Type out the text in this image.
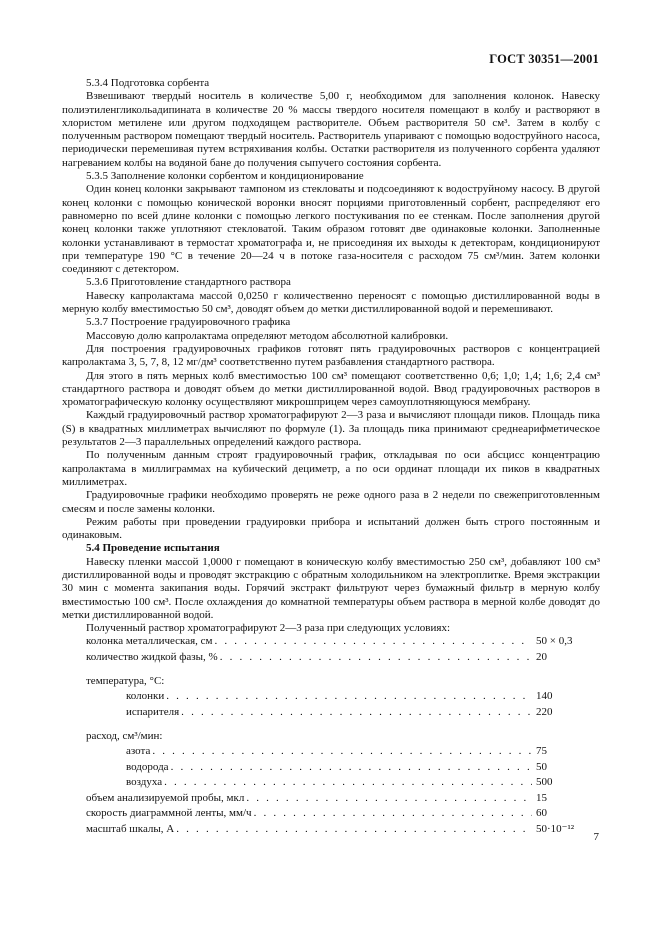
ГОСТ 30351—2001

5.3.4 Подготовка сорбента

Взвешивают твердый носитель в количестве 5,00 г, необходимом для заполнения колонок. Навеску полиэтиленгликольадипината в количестве 20 % массы твердого носителя помещают в колбу и растворяют в хлористом метилене или другом подходящем растворителе. Объем растворителя 50 см³. Затем в колбу с полученным раствором помещают твердый носитель. Растворитель упаривают с помощью водоструйного насоса, периодически перемешивая путем встряхивания колбы. Остатки растворителя из полученного сорбента удаляют нагреванием колбы на водяной бане до получения сыпучего состояния сорбента.

5.3.5 Заполнение колонки сорбентом и кондиционирование

Один конец колонки закрывают тампоном из стекловаты и подсоединяют к водоструйному насосу. В другой конец колонки с помощью конической воронки вносят порциями приготовленный сорбент, распределяют его равномерно по всей длине колонки с помощью легкого постукивания по ее стенкам. После заполнения другой конец колонки также уплотняют стекловатой. Таким образом готовят две одинаковые колонки. Заполненные колонки устанавливают в термостат хроматографа и, не присоединяя их выходы к детекторам, кондиционируют при температуре 190 °С в течение 20—24 ч в потоке газа-носителя с расходом 75 см³/мин. Затем колонки соединяют с детектором.

5.3.6 Приготовление стандартного раствора

Навеску капролактама массой 0,0250 г количественно переносят с помощью дистиллированной воды в мерную колбу вместимостью 50 см³, доводят объем до метки дистиллированной водой и перемешивают.

5.3.7 Построение градуировочного графика

Массовую долю капролактама определяют методом абсолютной калибровки.

Для построения градуировочных графиков готовят пять градуировочных растворов с концентрацией капролактама 3, 5, 7, 8, 12 мг/дм³ соответственно путем разбавления стандартного раствора.

Для этого в пять мерных колб вместимостью 100 см³ помещают соответственно 0,6; 1,0; 1,4; 1,6; 2,4 см³ стандартного раствора и доводят объем до метки дистиллированной водой. Ввод градуировочных растворов в хроматографическую колонку осуществляют микрошприцем через самоуплотняющуюся мембрану.

Каждый градуировочный раствор хроматографируют 2—3 раза и вычисляют площади пиков. Площадь пика (S) в квадратных миллиметрах вычисляют по формуле (1). За площадь пика принимают среднеарифметическое результатов 2—3 параллельных определений каждого раствора.

По полученным данным строят градуировочный график, откладывая по оси абсцисс концентрацию капролактама в миллиграммах на кубический дециметр, а по оси ординат площади их пиков в квадратных миллиметрах.

Градуировочные графики необходимо проверять не реже одного раза в 2 недели по свежеприготовленным смесям и после замены колонки.

Режим работы при проведении градуировки прибора и испытаний должен быть строго постоянным и одинаковым.

5.4 Проведение испытания

Навеску пленки массой 1,0000 г помещают в коническую колбу вместимостью 250 см³, добавляют 100 см³ дистиллированной воды и проводят экстракцию с обратным холодильником на электроплитке. Время экстракции 30 мин с момента закипания воды. Горячий экстракт фильтруют через бумажный фильтр в мерную колбу вместимостью 100 см³. После охлаждения до комнатной температуры объем раствора в мерной колбе доводят до метки дистиллированной водой.

Полученный раствор хроматографируют 2—3 раза при следующих условиях:

колонка металлическая, см . . .	50 × 0,3
количество жидкой фазы, % . . .	20
температура, °С:
колонки . . .	140
испарителя . . .	220
расход, см³/мин:
азота . . .	75
водорода . . .	50
воздуха . . .	500
объем анализируемой пробы, мкл . . .	15
скорость диаграммной ленты, мм/ч . . .	60
масштаб шкалы, А . . .	50·10⁻¹²
7
